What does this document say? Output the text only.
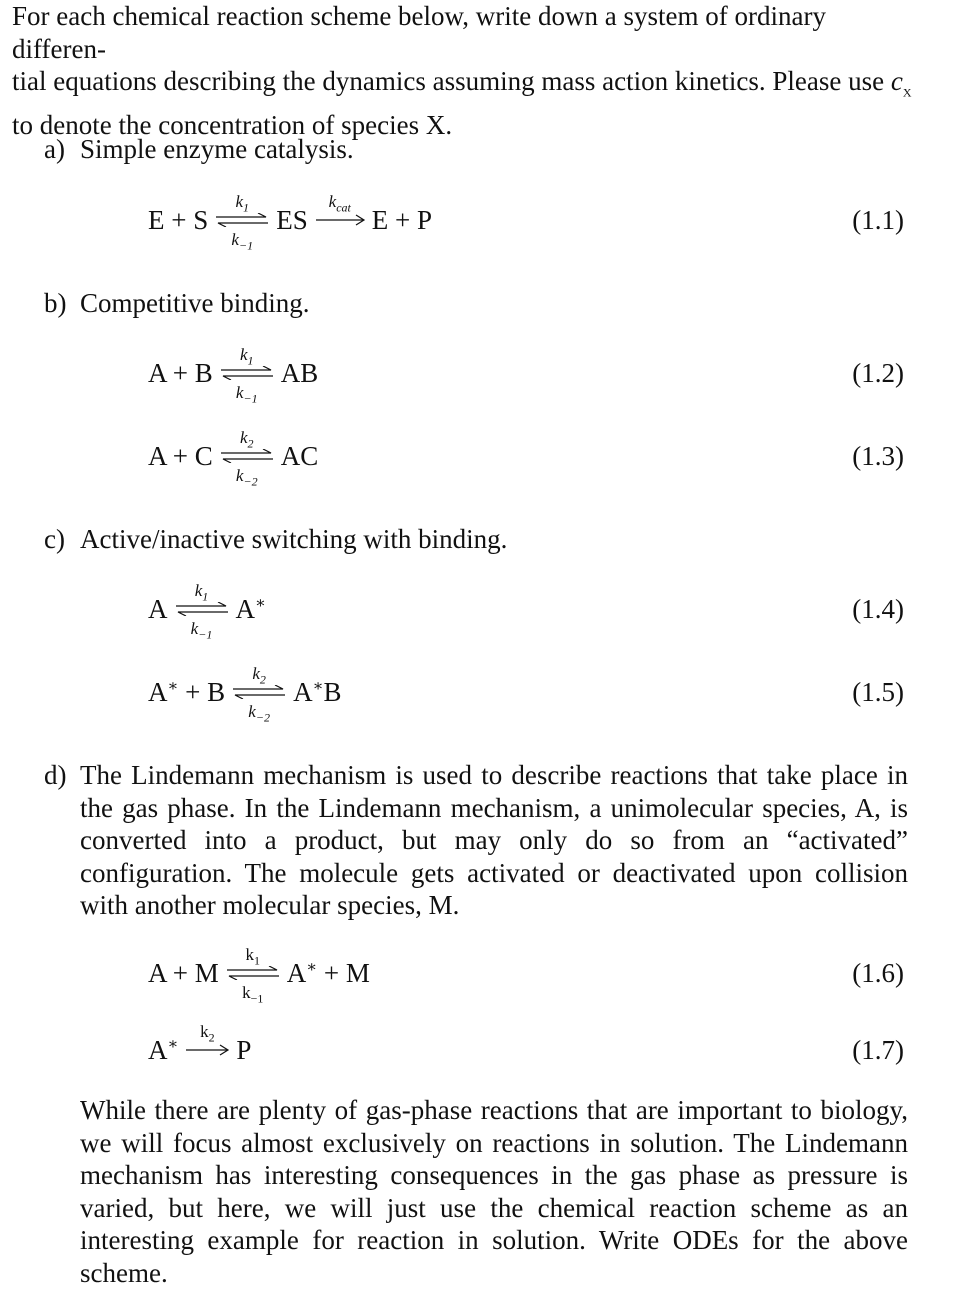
For each chemical reaction scheme below, write down a system of ordinary differen-
tial equations describing the dynamics assuming mass action kinetics. Please use $c_X$
to denote the concentration of species X.
a) Simple enzyme catalysis.
E + S
$k_1$
$k_{-1}$
ES
$k_{cat}$ E + P	(1.1)
b) Competitive binding.
A + B
$k_1$
$k_{-1}$
AB	(1.2)
A + C
$k_2$
$k_{-2}$
AC	(1.3)
c) Active/inactive switching with binding.
A
$k_1$
$k_{-1}$
A∗	(1.4)
A∗ + B
$k_2$
$k_{-2}$
A∗B	(1.5)
d) The Lindemann mechanism is used to describe reactions that take place in the gas phase. In the Lindemann mechanism, a unimolecular species, A, is converted into a product, but may only do so from an “activated” configuration. The molecule gets activated or deactivated upon collision with another molecular species, M.
A + M
$k_1$
$k_{-1}$
A∗ + M	(1.6)
A∗
$k_2$ P	(1.7)
While there are plenty of gas-phase reactions that are important to biology, we will focus almost exclusively on reactions in solution. The Lindemann mechanism has interesting consequences in the gas phase as pressure is varied, but here, we will just use the chemical reaction scheme as an interesting example for reaction in solution. Write ODEs for the above scheme.
